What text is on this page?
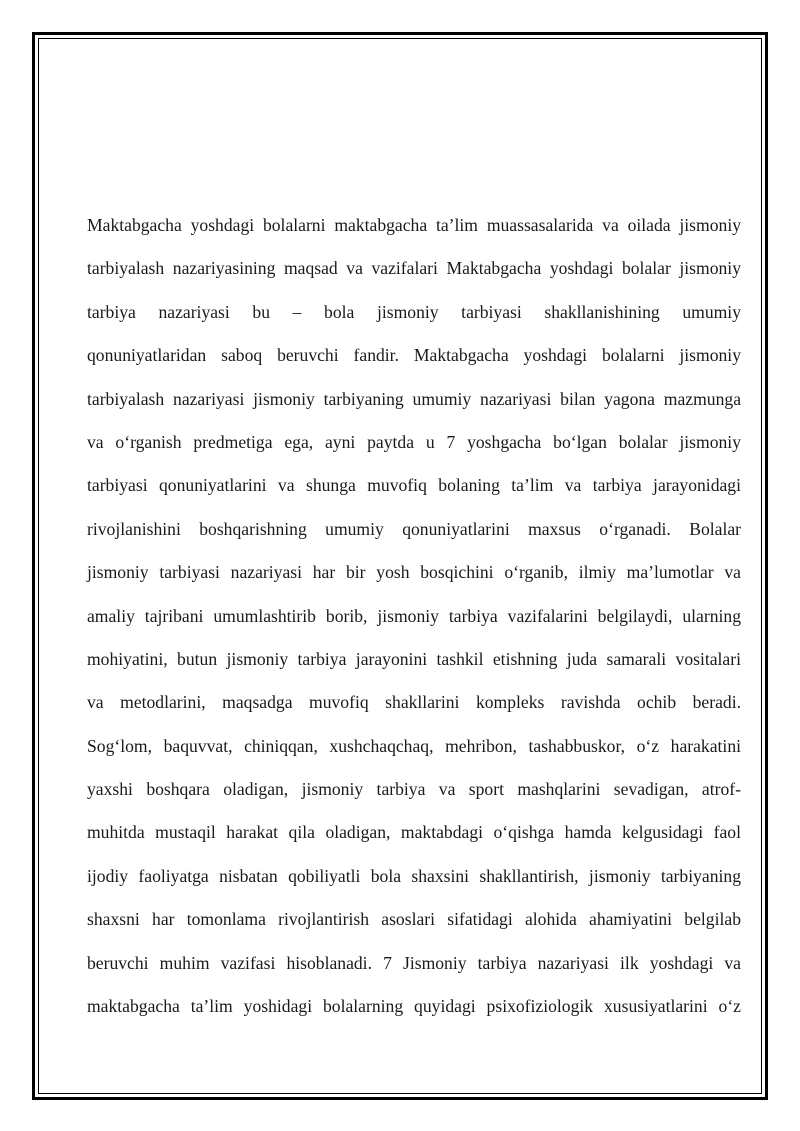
Maktabgacha yoshdagi bolalarni maktabgacha ta’lim muassasalarida va oilada jismoniy
tarbiyalash nazariyasining maqsad va vazifalari Maktabgacha yoshdagi bolalar jismoniy
tarbiya nazariyasi bu – bola jismoniy tarbiyasi shakllanishining umumiy
qonuniyatlaridan saboq beruvchi fandir. Maktabgacha yoshdagi bolalarni jismoniy
tarbiyalash nazariyasi jismoniy tarbiyaning umumiy nazariyasi bilan yagona mazmunga
va o‘rganish predmetiga ega, ayni paytda u 7 yoshgacha bo‘lgan bolalar jismoniy
tarbiyasi qonuniyatlarini va shunga muvofiq bolaning ta’lim va tarbiya jarayonidagi
rivojlanishini boshqarishning umumiy qonuniyatlarini maxsus o‘rganadi. Bolalar
jismoniy tarbiyasi nazariyasi har bir yosh bosqichini o‘rganib, ilmiy ma’lumotlar va
amaliy tajribani umumlashtirib borib, jismoniy tarbiya vazifalarini belgilaydi, ularning
mohiyatini, butun jismoniy tarbiya jarayonini tashkil etishning juda samarali vositalari
va metodlarini, maqsadga muvofiq shakllarini kompleks ravishda ochib beradi.
Sog‘lom, baquvvat, chiniqqan, xushchaqchaq, mehribon, tashabbuskor, o‘z harakatini
yaxshi boshqara oladigan, jismoniy tarbiya va sport mashqlarini sevadigan, atrof-
muhitda mustaqil harakat qila oladigan, maktabdagi o‘qishga hamda kelgusidagi faol
ijodiy faoliyatga nisbatan qobiliyatli bola shaxsini shakllantirish, jismoniy tarbiyaning
shaxsni har tomonlama rivojlantirish asoslari sifatidagi alohida ahamiyatini belgilab
beruvchi muhim vazifasi hisoblanadi. 7 Jismoniy tarbiya nazariyasi ilk yoshdagi va
maktabgacha ta’lim yoshidagi bolalarning quyidagi psixofiziologik xususiyatlarini o‘z
